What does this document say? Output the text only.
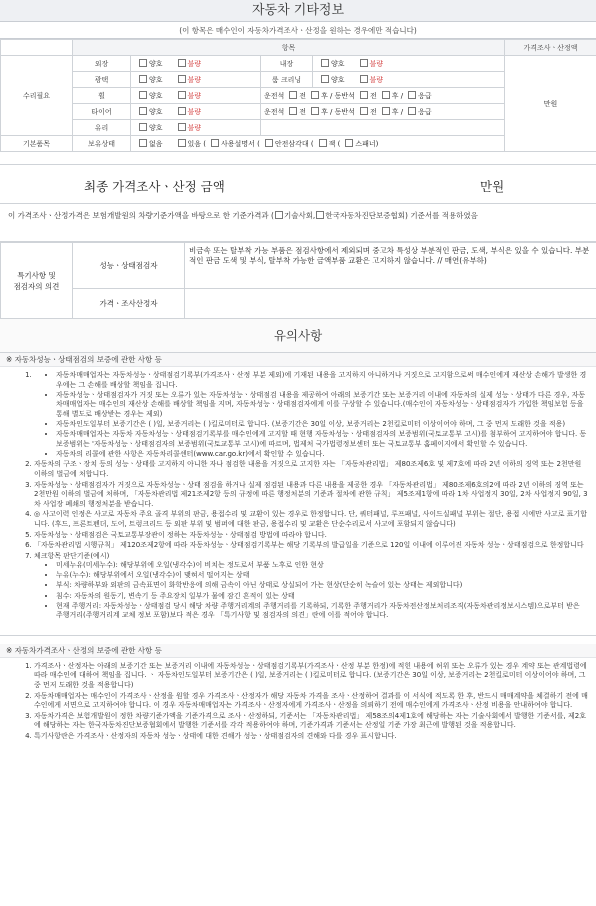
자동차 기타정보
(이 항목은 매수인이 자동차가격조사ㆍ산정을 원하는 경우에만 적습니다)
	항목				가격조사ㆍ산정액
수리필요	외장	양호 불량	내장	양호 불량	만원
	광택	양호 불량	룸 크리닝	양호 불량	
	휠	양호 불량	운전석 전 후 / 동반석 전 후 / 응급		
	타이어	양호 불량	운전석 전 후 / 동반석 전 후 / 응급		
	유리	양호 불량			
기본품목	보유상태	없음 있음 ( 사용설명서 ( 안전삼각대 ( 잭 ( 스패너)			
최종 가격조사ㆍ산정 금액	만원
이 가격조사ㆍ산정가격은 보험개발원의 차량기준가액을 바탕으로 한 기준가격과 ( 기술사회, 한국자동차진단보증협회) 기준서를 적용하였음
특기사항 및
점검자의 의견	성능ㆍ상태점검자	비금속 또는 탈부착 가능 부품은 점검사항에서 제외되며 중고차 특성상 부분적인 판금, 도색, 부식은 있을 수 있습니다. 부분적인 판금 도색 및 부식, 탈부착 가능한 금액부품 교환은 고지하지 않습니다. // 매연(유부하)
	가격ㆍ조사산정자	
유의사항
※ 자동차성능ㆍ상태점검의 보증에 관한 사항 등
• 1. 자동차매매업자는 자동차성능ㆍ상태점검기록부(가격조사ㆍ산정 부분 제외)에 기재된 내용을 고지하지 아니하거나 거짓으로 고지함으로써 매수인에게 재산상 손해가 발생한 경우에는 그 손해를 배상할 책임을 집니다.
• 자동차성능ㆍ상태점검자가 거짓 또는 오류가 있는 자동차성능ㆍ상태점검 내용을 제공하여 아래의 보증기간 또는 보증거리 이내에 자동차의 실제 성능ㆍ상태가 다른 경우, 자동차매매업자는 매수인의 재산상 손해를 배상할 책임을 지며, 자동차성능ㆍ상태점검자에게 이를 구상할 수 있습니다.(매수인이 자동차성능ㆍ상태점검자가 가입한 책임보험 등을 통해 별도로 배상받는 경우는 제외)
• 자동차인도일부터 보증기간은 ( )일, 보증거리는 ( )킬로미터로 합니다. (보증기간은 30일 이상, 보증거리는 2천킬로미터 이상이어야 하며, 그 중 먼저 도래한 것을 적용)
• 자동차매매업자는 자동차 자동차성능ㆍ상태점검기록부를 매수인에게 고지할 때 현행 자동차성능ㆍ상태점검자의 보증범위(국토교통부 고시)를 첨부하여 고지하여야 합니다. 동 보증범위는 '자동차성능ㆍ상태점검자의 보증범위(국토교통부 고시)에 따르며, 법제처 국가법령정보센터 또는 국토교통부 홈페이지에서 확인할 수 있습니다.
• 자동차의 리콜에 관한 사항은 자동차리콜센터(www.car.go.kr)에서 확인할 수 있습니다.
2. 자동차의 구조ㆍ장치 등의 성능ㆍ상태를 고지하지 아니한 자나 점검한 내용을 거짓으로 고지한 자는 「자동차관리법」 제80조제6호 및 제7호에 따라 2년 이하의 징역 또는 2천만원 이하의 벌금에 처합니다.
3. 자동차성능ㆍ상태점검자가 거짓으로 자동차성능ㆍ상태 점검을 하거나 실제 점검된 내용과 다른 내용을 제공한 경우 「자동차관리법」 제80조제6호의2에 따라 2년 이하의 징역 또는 2천만원 이하의 벌금에 처하며, 「자동차관리법 제21조제2항 등의 규정에 따른 행정처분의 기준과 절차에 관한 규칙」 제5조제1항에 따라 1차 사업정지 30일, 2차 사업정지 90일, 3차 사업장 폐쇄의 행정처분을 받습니다.
4. ◎ 사고이력 인정은 사고로 자동차 주요 골격 부위의 판금, 용접수리 및 교환이 있는 경우로 한정합니다. 단, 쿼터패널, 루프패널, 사이드실패널 부위는 절단, 용접 시에만 사고로 표기합니다. (후드, 프론트펜더, 도어, 트렁크리드 등 외판 부위 및 범퍼에 대한 판금, 용접수리 및 교환은 단순수리로서 사고에 포함되지 않습니다)
5. 자동차성능ㆍ상태점검은 국토교통부장관이 정하는 자동차성능ㆍ상태점검 방법에 따라야 합니다.
6. 「자동차관리법 시행규칙」 제120조제2항에 따라 자동차성능ㆍ상태점검기록부는 해당 기록부의 발급일을 기준으로 120일 이내에 이루어진 자동차 성능ㆍ상태점검으로 한정합니다
7. 체크항목 판단기준(예시)
• 미세누유(미세누수): 해당부위에 오일(냉각수)이 비치는 정도로서 부품 노후로 인한 현상
• 누유(누수): 해당부위에서 오일(냉각수)이 맺혀서 떨어지는 상태
• 부식: 차량하부와 외판의 금속표면이 화학반응에 의해 금속이 아닌 상태로 상실되어 가는 현상(단순히 녹슬어 있는 상태는 제외합니다)
• 침수: 자동차의 원동기, 변속기 등 주요장치 일부가 물에 잠긴 흔적이 있는 상태
• 현재 주행거리: 자동차성능ㆍ상태점검 당시 해당 차량 주행거리계의 주행거리를 기록하되, 기록한 주행거리가 자동차전산정보처리조직(자동차관리정보시스템)으로부터 받은 주행거리(주행거리계 교체 정보 포함)보다 적은 경우 「특기사항 및 점검자의 의견」란에 이를 적어야 합니다.
※ 자동차가격조사ㆍ산정의 보증에 관한 사항 등
1. 가격조사ㆍ산정자는 아래의 보증기간 또는 보증거리 이내에 자동차성능ㆍ상태점검기록부(가격조사ㆍ산정 부분 한정)에 적힌 내용에 허위 또는 오류가 있는 경우 계약 또는 관계법령에 따라 매수인에 대하여 책임을 집니다. ㆍ 자동차인도일부터 보증기간은 ( )일, 보증거리는 ( )킬로미터로 합니다. (보증기간은 30일 이상, 보증거리는 2천킬로미터 이상이어야 하며, 그 중 먼저 도래한 것을 적용합니다)
2. 자동차매매업자는 매수인이 가격조사ㆍ산정을 원할 경우 가격조사ㆍ산정자가 해당 자동차 가격을 조사ㆍ산정하여 결과를 이 서식에 적도록 한 후, 반드시 매매계약을 체결하기 전에 매수인에게 서면으로 고지하여야 합니다. 이 경우 자동차매매업자는 가격조사ㆍ산정자에게 가격조사ㆍ산정을 의뢰하기 전에 매수인에게 가격조사ㆍ산정 비용을 안내하여야 합니다.
3. 자동차가격은 보험개발원이 정한 차량기준가액을 기준가격으로 조사ㆍ산정하되, 기준서는 「자동차관리법」 제58조의4제1호에 해당하는 자는 기술사회에서 발행한 기준서를, 제2호에 해당하는 자는 한국자동차진단보증협회에서 발행한 기준서를 각각 적용하여야 하며, 기준가격과 기준서는 산정일 기준 가장 최근에 발행된 것을 적용합니다.
4. 특기사항란은 가격조사ㆍ산정자의 자동차 성능ㆍ상태에 대한 견해가 성능ㆍ상태점검자의 견해와 다를 경우 표시합니다.
